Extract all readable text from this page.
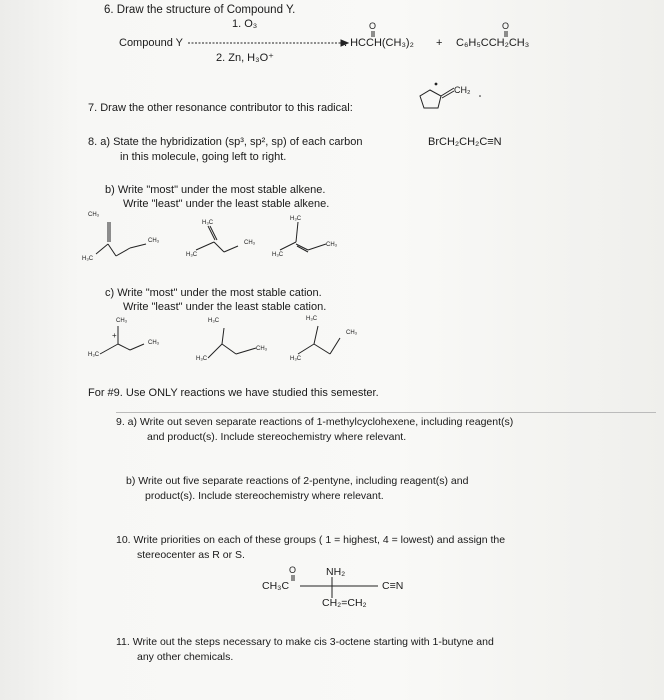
6. Draw the structure of Compound Y.
1. O₃
Compound Y
2. Zn, H₃O⁺
O
. HCCH(CH₃)₂ +
O
C₆H₅CCH₂CH₃
7. Draw the other resonance contributor to this radical:
CH₂
8. a) State the hybridization (sp³, sp², sp) of each carbon	BrCH₂CH₂C≡N
in this molecule, going left to right.
b) Write "most" under the most stable alkene.
Write "least" under the least stable alkene.
CH₃
H₃C
CH₃
H₃C
H₃C
CH₃
H₃C
H₃C
CH₃
c) Write "most" under the most stable cation.
Write "least" under the least stable cation.
+
CH₃
H₃C
CH₃
H₃C
H₃C
CH₃
H₃C
H₃C
CH₃
For #9. Use ONLY reactions we have studied this semester.
9. a) Write out seven separate reactions of 1-methylcyclohexene, including reagent(s)
and product(s). Include stereochemistry where relevant.
b) Write out five separate reactions of 2-pentyne, including reagent(s) and
product(s). Include stereochemistry where relevant.
10. Write priorities on each of these groups ( 1 = highest, 4 = lowest) and assign the
stereocenter as R or S.
O
CH₃C
NH₂
C≡N
CH₂=CH₂
11. Write out the steps necessary to make cis 3-octene starting with 1-butyne and
any other chemicals.
